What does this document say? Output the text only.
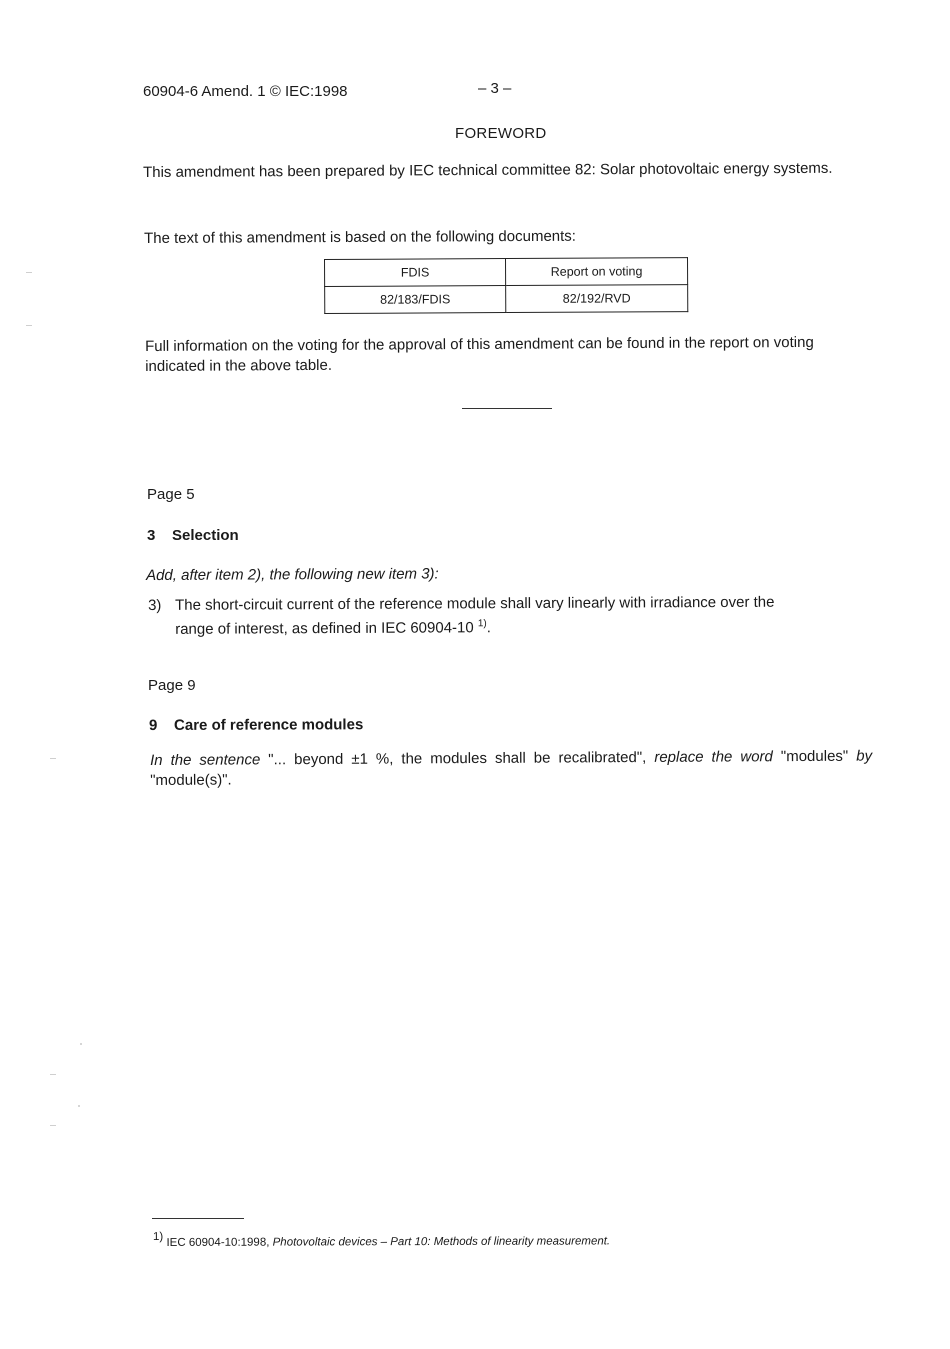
60904-6 Amend. 1 © IEC:1998	– 3 –
FOREWORD
This amendment has been prepared by IEC technical committee 82: Solar photovoltaic energy systems.
The text of this amendment is based on the following documents:
FDIS	Report on voting
82/183/FDIS	82/192/RVD
Full information on the voting for the approval of this amendment can be found in the report on voting indicated in the above table.
Page 5
3 Selection
Add, after item 2), the following new item 3):
3) The short-circuit current of the reference module shall vary linearly with irradiance over the
range of interest, as defined in IEC 60904-10 $^{1)}$.
Page 9
9 Care of reference modules
In the sentence "... beyond ±1 %, the modules shall be recalibrated", replace the word "modules" by "module(s)".
$^{1)}$ IEC 60904-10:1998, Photovoltaic devices – Part 10: Methods of linearity measurement.
